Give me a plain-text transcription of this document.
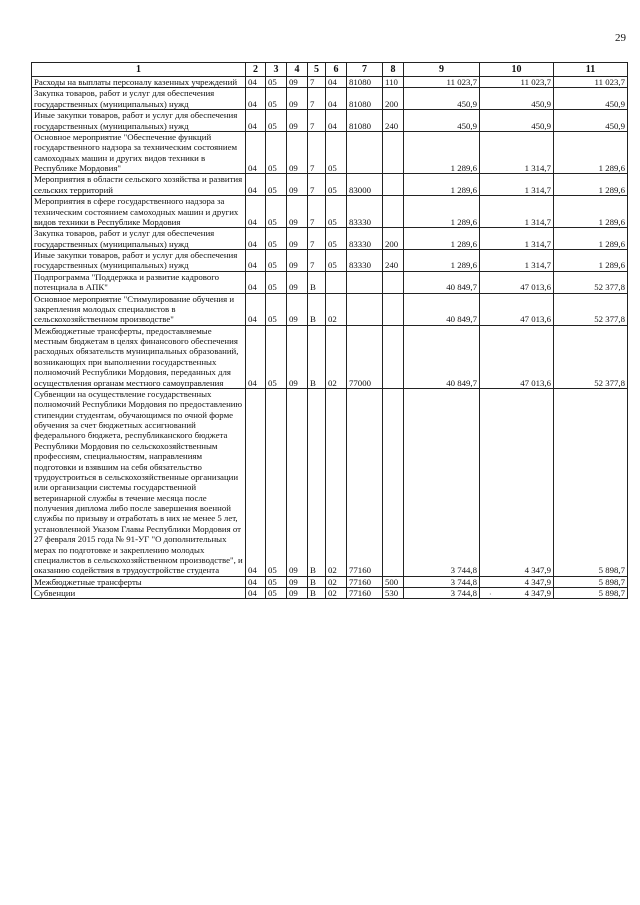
29
1	2	3	4	5	6	7	8	9	10	11
Расходы на выплаты персоналу казенных учреждений	04	05	09	7	04	81080	110	11 023,7	11 023,7	11 023,7
Закупка товаров, работ и услуг для обеспечения государственных (муниципальных) нужд	04	05	09	7	04	81080	200	450,9	450,9	450,9
Иные закупки товаров, работ и услуг для обеспечения государственных (муниципальных) нужд	04	05	09	7	04	81080	240	450,9	450,9	450,9
Основное мероприятие "Обеспечение функций государственного надзора за техническим состоянием самоходных машин и других видов техники в Республике Мордовия"	04	05	09	7	05			1 289,6	1 314,7	1 289,6
Мероприятия в области сельского хозяйства и развития сельских территорий	04	05	09	7	05	83000		1 289,6	1 314,7	1 289,6
Мероприятия в сфере государственного надзора за техническим состоянием самоходных машин и других видов техники в Республике Мордовия	04	05	09	7	05	83330		1 289,6	1 314,7	1 289,6
Закупка товаров, работ и услуг для обеспечения государственных (муниципальных) нужд	04	05	09	7	05	83330	200	1 289,6	1 314,7	1 289,6
Иные закупки товаров, работ и услуг для обеспечения государственных (муниципальных) нужд	04	05	09	7	05	83330	240	1 289,6	1 314,7	1 289,6
Подпрограмма "Поддержка и развитие кадрового потенциала в АПК"	04	05	09	В				40 849,7	47 013,6	52 377,8
Основное мероприятие "Стимулирование обучения и закрепления молодых специалистов в сельскохозяйственном производстве"	04	05	09	В	02			40 849,7	47 013,6	52 377,8
Межбюджетные трансферты, предоставляемые местным бюджетам в целях финансового обеспечения расходных обязательств муниципальных образований, возникающих при выполнении государственных полномочий Республики Мордовия, переданных для осуществления органам местного самоуправления	04	05	09	В	02	77000		40 849,7	47 013,6	52 377,8
Субвенции на осуществление государственных полномочий Республики Мордовия по предоставлению стипендии студентам, обучающимся по очной форме обучения за счет бюджетных ассигнований федерального бюджета, республиканского бюджета Республики Мордовия по сельскохозяйственным профессиям, специальностям, направлениям подготовки и взявшим на себя обязательство трудоустроиться в сельскохозяйственные организации или организации системы государственной ветеринарной службы в течение месяца после получения диплома либо после завершения военной службы по призыву и отработать в них не менее 5 лет, установленной Указом Главы Республики Мордовия от 27 февраля 2015 года № 91-УГ "О дополнительных мерах по подготовке и закреплению молодых специалистов в сельскохозяйственном производстве", и оказанию содействия в трудоустройстве студента	04	05	09	В	02	77160		3 744,8	4 347,9	5 898,7
Межбюджетные трансферты	04	05	09	В	02	77160	500	3 744,8	4 347,9	5 898,7
Субвенции	04	05	09	В	02	77160	530	3 744,8	4 347,9	5 898,7
·
